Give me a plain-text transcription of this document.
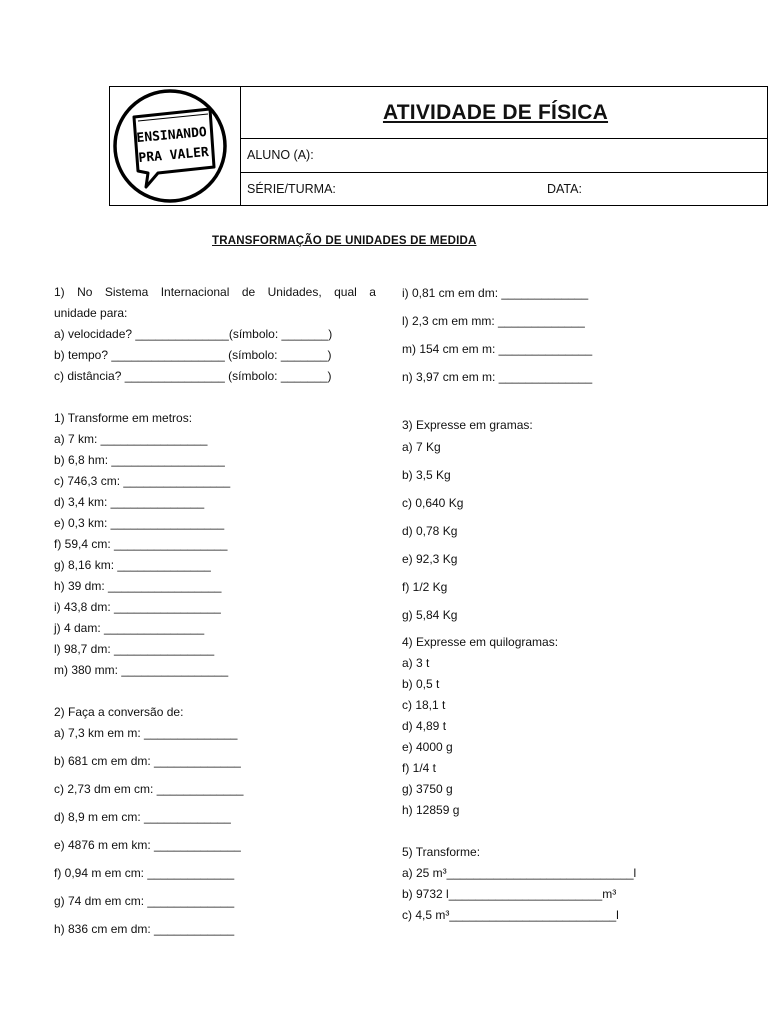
ENSINANDO
PRA VALER
ATIVIDADE DE FÍSICA
ALUNO (A):
SÉRIE/TURMA:	DATA:
TRANSFORMAÇÃO DE UNIDADES DE MEDIDA
1) No Sistema Internacional de Unidades, qual a
unidade para:
a) velocidade? ______________(símbolo: _______)
b) tempo? _________________ (símbolo: _______)
c) distância? _______________ (símbolo: _______)
1) Transforme em metros:
a) 7 km: ________________
b) 6,8 hm: _________________
c) 746,3 cm: ________________
d) 3,4 km: ______________
e) 0,3 km: _________________
f) 59,4 cm: _________________
g) 8,16 km: ______________
h) 39 dm: _________________
i) 43,8 dm: ________________
j) 4 dam: _______________
l) 98,7 dm: _______________
m) 380 mm: ________________
2) Faça a conversão de:
a) 7,3 km em m: ______________
b) 681 cm em dm: _____________
c) 2,73 dm em cm: _____________
d) 8,9 m em cm: _____________
e) 4876 m em km: _____________
f) 0,94 m em cm: _____________
g) 74 dm em cm: _____________
h) 836 cm em dm: ____________
i) 0,81 cm em dm: _____________
l) 2,3 cm em mm: _____________
m) 154 cm em m: ______________
n) 3,97 cm em m: ______________
3) Expresse em gramas:
a) 7 Kg
b) 3,5 Kg
c) 0,640 Kg
d) 0,78 Kg
e) 92,3 Kg
f) 1/2 Kg
g) 5,84 Kg
4) Expresse em quilogramas:
a) 3 t
b) 0,5 t
c) 18,1 t
d) 4,89 t
e) 4000 g
f) 1/4 t
g) 3750 g
h) 12859 g
5) Transforme:
a) 25 m³____________________________l
b) 9732 l_______________________m³
c) 4,5 m³_________________________l
